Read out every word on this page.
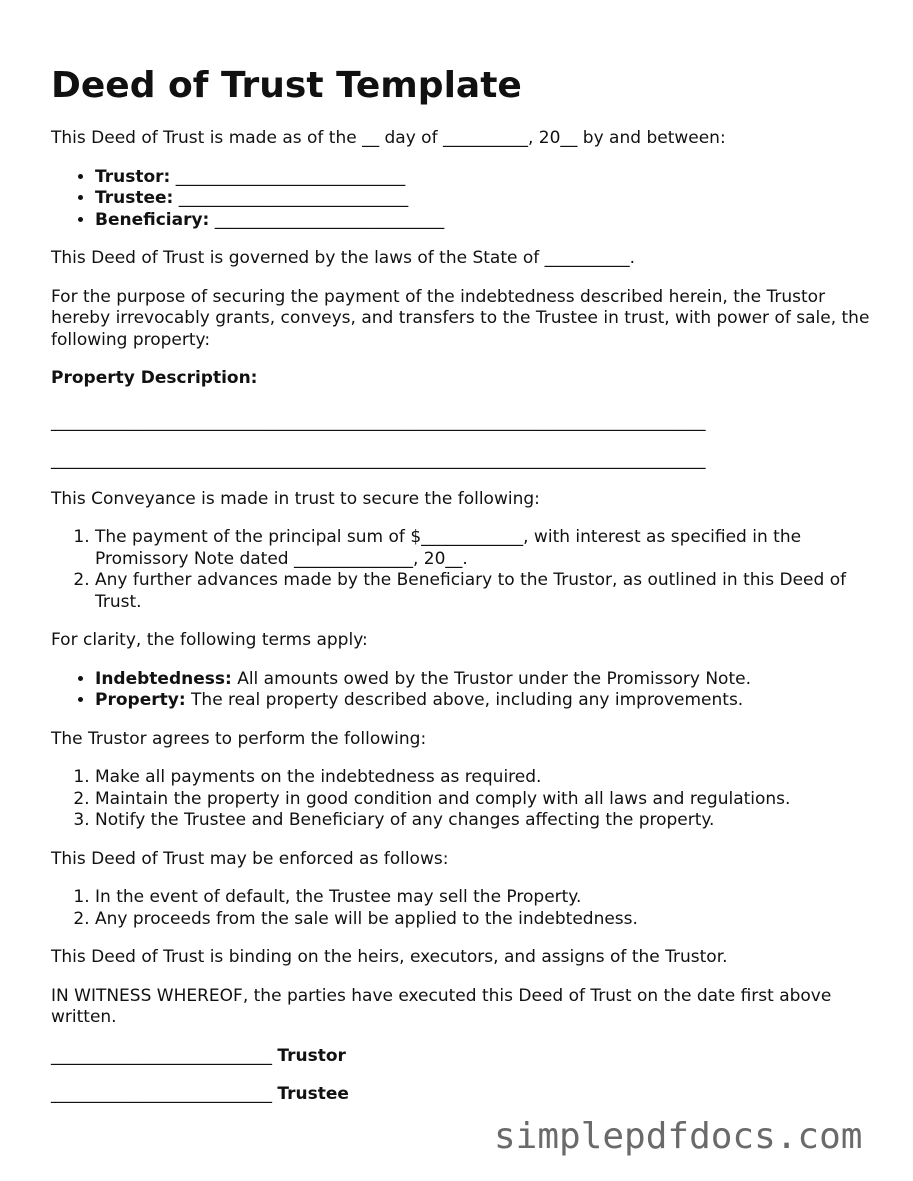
Deed of Trust Template

This Deed of Trust is made as of the __ day of __________, 20__ by and between:

• Trustor: ___________________________
• Trustee: ___________________________
• Beneficiary: ___________________________

This Deed of Trust is governed by the laws of the State of __________.

For the purpose of securing the payment of the indebtedness described herein, the Trustor hereby irrevocably grants, conveys, and transfers to the Trustee in trust, with power of sale, the following property:

Property Description:

_____________________________________________________________________________
_____________________________________________________________________________

This Conveyance is made in trust to secure the following:

1. The payment of the principal sum of $____________, with interest as specified in the Promissory Note dated ______________, 20__.
2. Any further advances made by the Beneficiary to the Trustor, as outlined in this Deed of Trust.

For clarity, the following terms apply:

• Indebtedness: All amounts owed by the Trustor under the Promissory Note.
• Property: The real property described above, including any improvements.

The Trustor agrees to perform the following:

1. Make all payments on the indebtedness as required.
2. Maintain the property in good condition and comply with all laws and regulations.
3. Notify the Trustee and Beneficiary of any changes affecting the property.

This Deed of Trust may be enforced as follows:

1. In the event of default, the Trustee may sell the Property.
2. Any proceeds from the sale will be applied to the indebtedness.

This Deed of Trust is binding on the heirs, executors, and assigns of the Trustor.

IN WITNESS WHEREOF, the parties have executed this Deed of Trust on the date first above written.

__________________________ Trustor

__________________________ Trustee

simplepdfdocs.com
